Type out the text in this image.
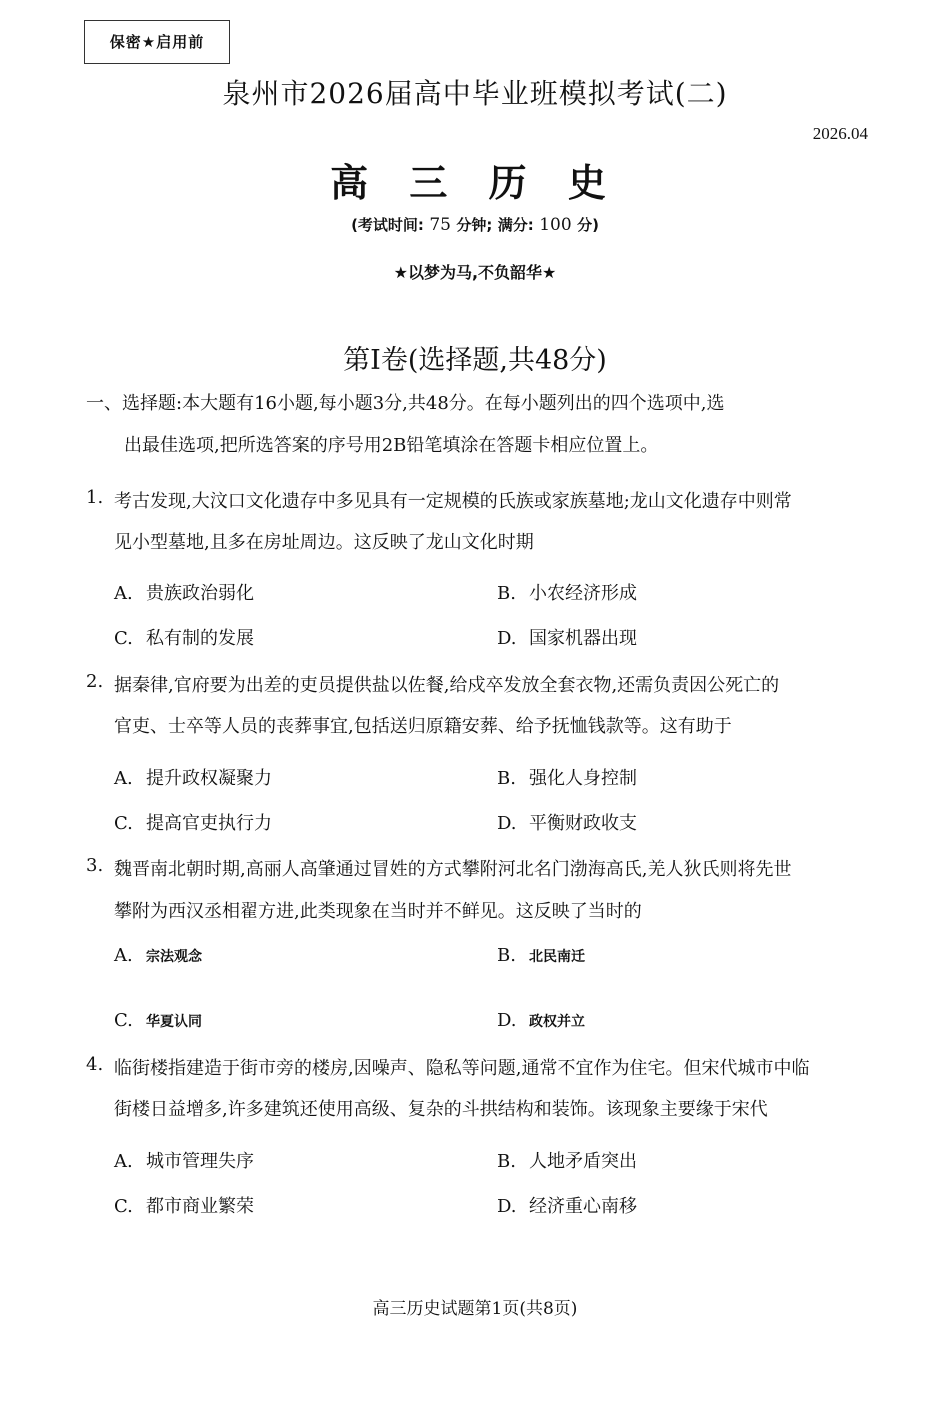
保密★启用前
泉州市2026届高中毕业班模拟考试(二)
2026.04
高 三 历 史
(考试时间: 75 分钟; 满分: 100 分)
★以梦为马,不负韶华★
第I卷(选择题,共48分)
一、选择题:本大题有16小题,每小题3分,共48分。在每小题列出的四个选项中,选
出最佳选项,把所选答案的序号用2B铅笔填涂在答题卡相应位置上。
1. 考古发现,大汶口文化遗存中多见具有一定规模的氏族或家族墓地;龙山文化遗存中则常
见小型墓地,且多在房址周边。这反映了龙山文化时期
A. 贵族政治弱化	B. 小农经济形成
C. 私有制的发展	D. 国家机器出现
2. 据秦律,官府要为出差的吏员提供盐以佐餐,给戍卒发放全套衣物,还需负责因公死亡的
官吏、士卒等人员的丧葬事宜,包括送归原籍安葬、给予抚恤钱款等。这有助于
A. 提升政权凝聚力	B. 强化人身控制
C. 提高官吏执行力	D. 平衡财政收支
3. 魏晋南北朝时期,高丽人高肇通过冒姓的方式攀附河北名门渤海高氏,羌人狄氏则将先世
攀附为西汉丞相翟方进,此类现象在当时并不鲜见。这反映了当时的
A. 宗法观念	B. 北民南迁
C. 华夏认同	D. 政权并立
4. 临街楼指建造于街市旁的楼房,因噪声、隐私等问题,通常不宜作为住宅。但宋代城市中临
街楼日益增多,许多建筑还使用高级、复杂的斗拱结构和装饰。该现象主要缘于宋代
A. 城市管理失序	B. 人地矛盾突出
C. 都市商业繁荣	D. 经济重心南移
高三历史试题第1页(共8页)
